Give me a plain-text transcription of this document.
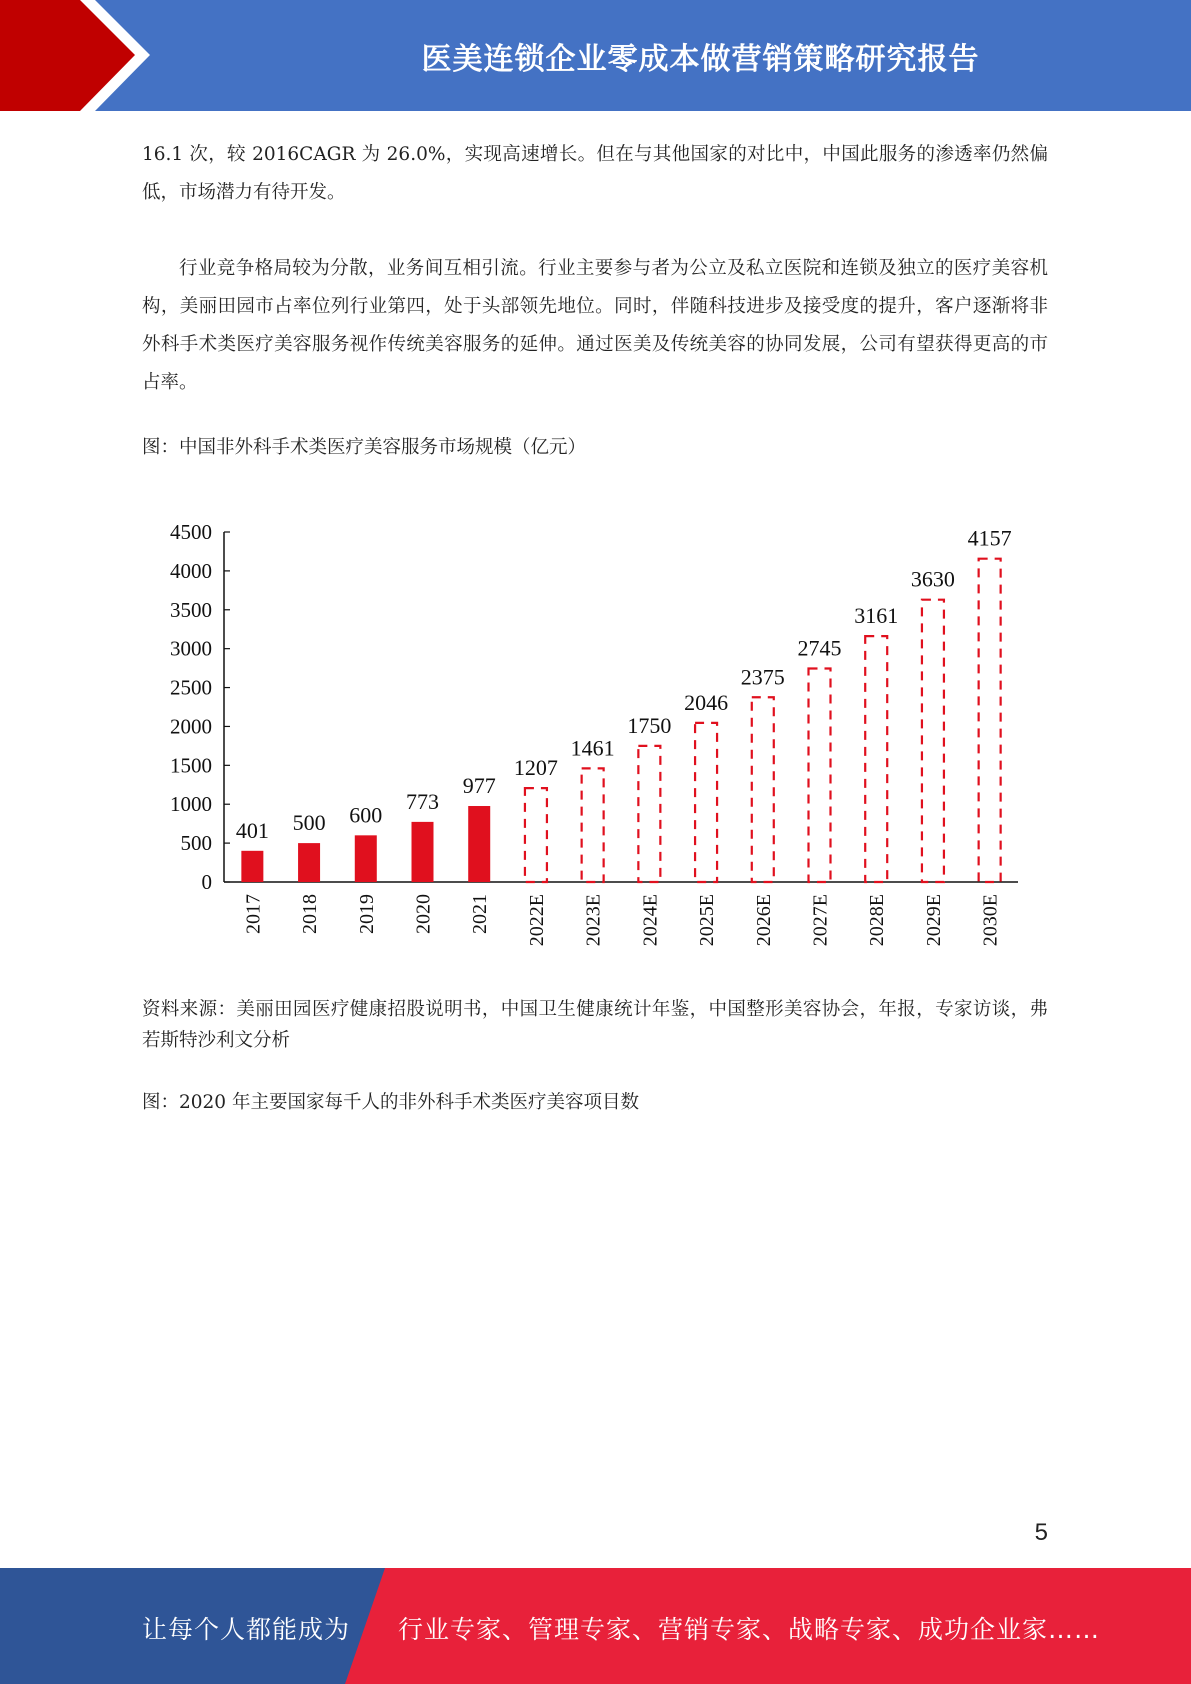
医美连锁企业零成本做营销策略研究报告

16.1 次，较 2016CAGR 为 26.0%，实现高速增长。但在与其他国家的对比中，中国此服务的渗透率仍然偏低，市场潜力有待开发。

行业竞争格局较为分散，业务间互相引流。行业主要参与者为公立及私立医院和连锁及独立的医疗美容机构，美丽田园市占率位列行业第四，处于头部领先地位。同时，伴随科技进步及接受度的提升，客户逐渐将非外科手术类医疗美容服务视作传统美容服务的延伸。通过医美及传统美容的协同发展，公司有望获得更高的市占率。

图：中国非外科手术类医疗美容服务市场规模（亿元）

0
500
1000
1500
2000
2500
3000
3500
4000
4500
401
2017
500
2018
600
2019
773
2020
977
2021
1207
2022E
1461
2023E
1750
2024E
2046
2025E
2375
2026E
2745
2027E
3161
2028E
3630
2029E
4157
2030E

资料来源：美丽田园医疗健康招股说明书，中国卫生健康统计年鉴，中国整形美容协会，年报，专家访谈，弗若斯特沙利文分析

图：2020 年主要国家每千人的非外科手术类医疗美容项目数

5
让每个人都能成为 行业专家、管理专家、营销专家、战略专家、成功企业家……
